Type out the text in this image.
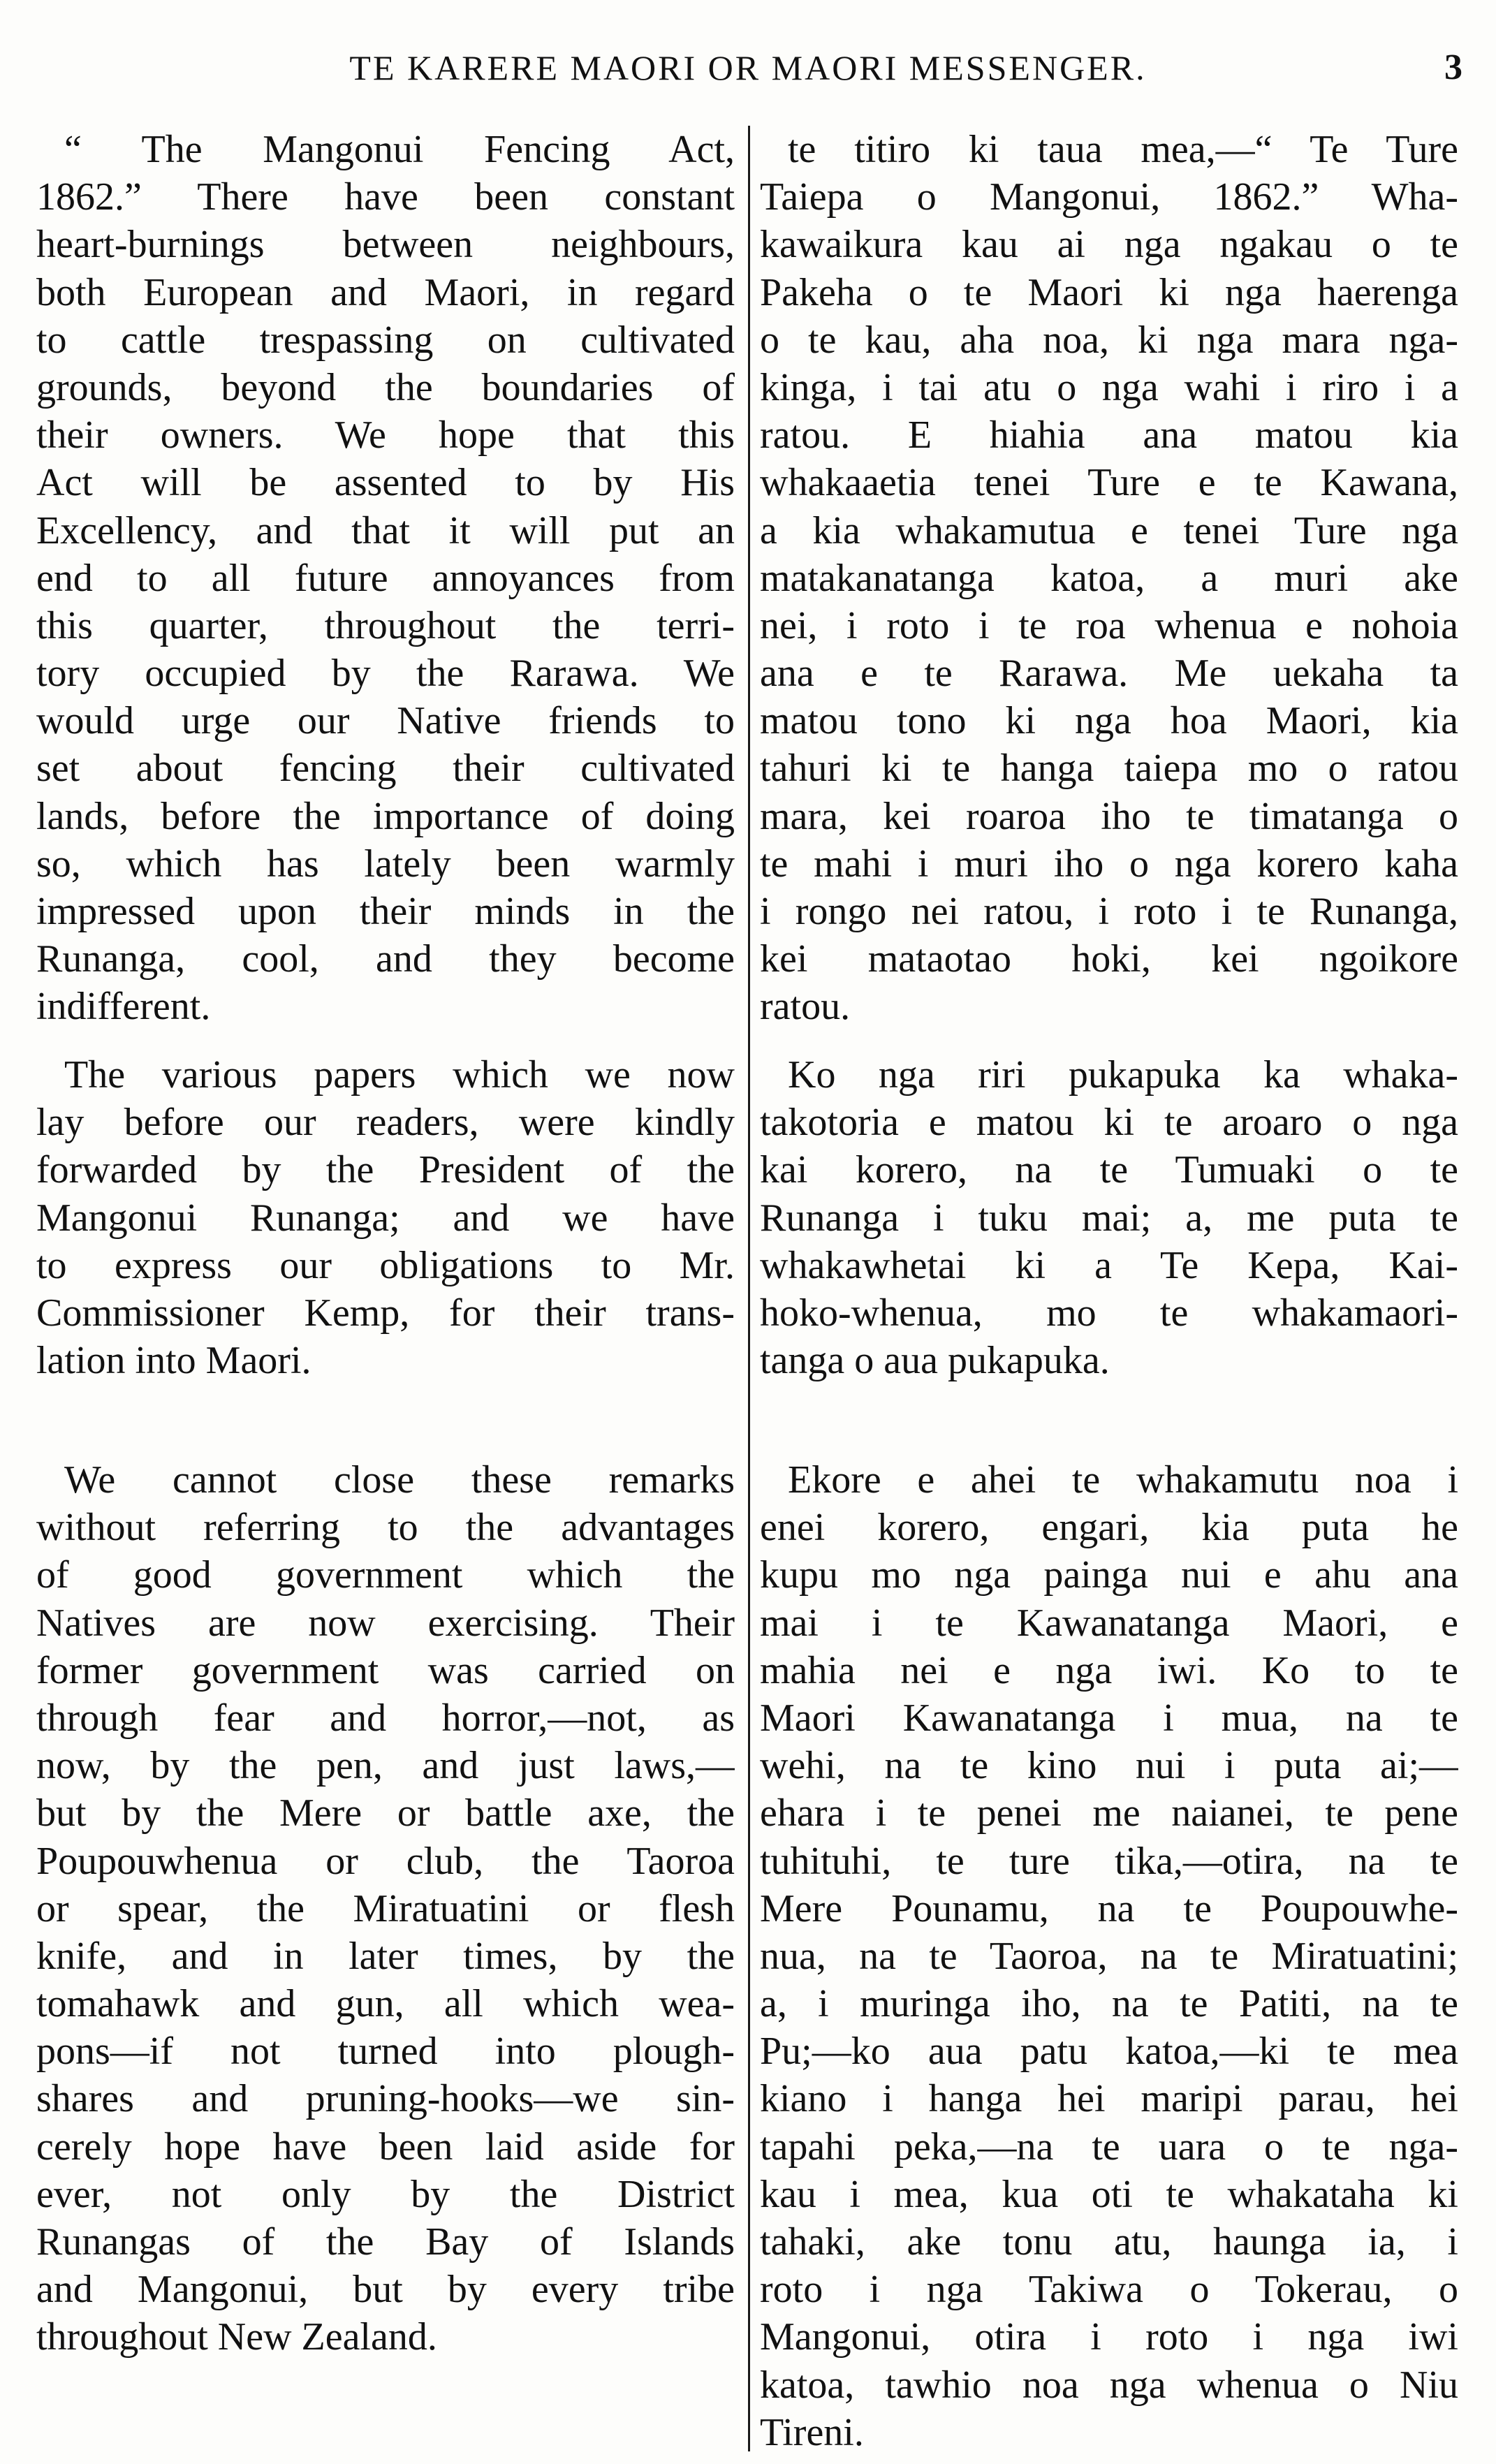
TE KARERE MAORI OR MAORI MESSENGER.	3
“ The Mangonui Fencing Act,
1862.” There have been constant
heart-burnings between neighbours,
both European and Maori, in regard
to cattle trespassing on cultivated
grounds, beyond the boundaries of
their owners. We hope that this
Act will be assented to by His
Excellency, and that it will put an
end to all future annoyances from
this quarter, throughout the terri-
tory occupied by the Rarawa. We
would urge our Native friends to
set about fencing their cultivated
lands, before the importance of doing
so, which has lately been warmly
impressed upon their minds in the
Runanga, cool, and they become
indifferent.
The various papers which we now
lay before our readers, were kindly
forwarded by the President of the
Mangonui Runanga; and we have
to express our obligations to Mr.
Commissioner Kemp, for their trans-
lation into Maori.
We cannot close these remarks
without referring to the advantages
of good government which the
Natives are now exercising. Their
former government was carried on
through fear and horror,—not, as
now, by the pen, and just laws,—
but by the Mere or battle axe, the
Poupouwhenua or club, the Taoroa
or spear, the Miratuatini or flesh
knife, and in later times, by the
tomahawk and gun, all which wea-
pons—if not turned into plough-
shares and pruning-hooks—we sin-
cerely hope have been laid aside for
ever, not only by the District
Runangas of the Bay of Islands
and Mangonui, but by every tribe
throughout New Zealand.
te titiro ki taua mea,—“ Te Ture
Taiepa o Mangonui, 1862.” Wha-
kawaikura kau ai nga ngakau o te
Pakeha o te Maori ki nga haerenga
o te kau, aha noa, ki nga mara nga-
kinga, i tai atu o nga wahi i riro i a
ratou. E hiahia ana matou kia
whakaaetia tenei Ture e te Kawana,
a kia whakamutua e tenei Ture nga
matakanatanga katoa, a muri ake
nei, i roto i te roa whenua e nohoia
ana e te Rarawa. Me uekaha ta
matou tono ki nga hoa Maori, kia
tahuri ki te hanga taiepa mo o ratou
mara, kei roaroa iho te timatanga o
te mahi i muri iho o nga korero kaha
i rongo nei ratou, i roto i te Runanga,
kei mataotao hoki, kei ngoikore
ratou.
Ko nga riri pukapuka ka whaka-
takotoria e matou ki te aroaro o nga
kai korero, na te Tumuaki o te
Runanga i tuku mai; a, me puta te
whakawhetai ki a Te Kepa, Kai-
hoko-whenua, mo te whakamaori-
tanga o aua pukapuka.
Ekore e ahei te whakamutu noa i
enei korero, engari, kia puta he
kupu mo nga painga nui e ahu ana
mai i te Kawanatanga Maori, e
mahia nei e nga iwi. Ko to te
Maori Kawanatanga i mua, na te
wehi, na te kino nui i puta ai;—
ehara i te penei me naianei, te pene
tuhituhi, te ture tika,—otira, na te
Mere Pounamu, na te Poupouwhe-
nua, na te Taoroa, na te Miratuatini;
a, i muringa iho, na te Patiti, na te
Pu;—ko aua patu katoa,—ki te mea
kiano i hanga hei maripi parau, hei
tapahi peka,—na te uara o te nga-
kau i mea, kua oti te whakataha ki
tahaki, ake tonu atu, haunga ia, i
roto i nga Takiwa o Tokerau, o
Mangonui, otira i roto i nga iwi
katoa, tawhio noa nga whenua o Niu
Tireni.
